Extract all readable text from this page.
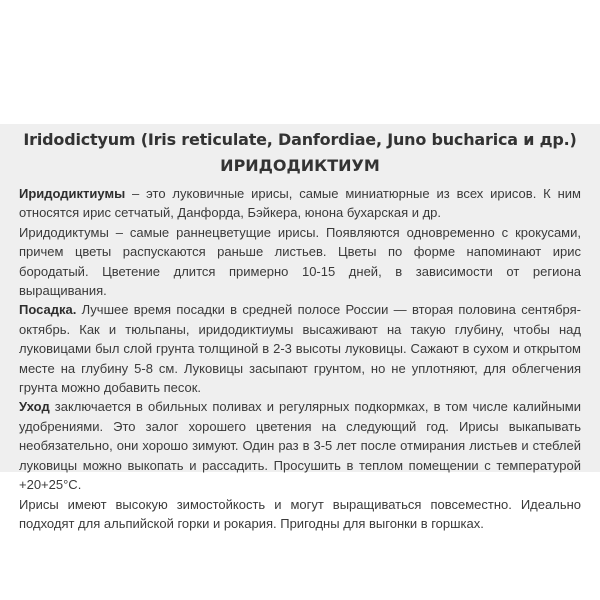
Iridodictyum (Iris reticulate, Danfordiae, Juno bucharica и др.)
ИРИДОДИКТИУМ

Иридодиктиумы – это луковичные ирисы, самые миниатюрные из всех ирисов. К ним относятся ирис сетчатый, Данфорда, Бэйкера, юнона бухарская и др.

Иридодиктумы – самые раннецветущие ирисы. Появляются одновременно с крокусами, причем цветы распускаются раньше листьев. Цветы по форме напоминают ирис бородатый. Цветение длится примерно 10-15 дней, в зависимости от региона выращивания.

Посадка. Лучшее время посадки в средней полосе России — вторая половина сентября-октябрь. Как и тюльпаны, иридодиктиумы высаживают на такую глубину, чтобы над луковицами был слой грунта толщиной в 2-3 высоты луковицы. Сажают в сухом и открытом месте на глубину 5-8 см. Луковицы засыпают грунтом, но не уплотняют, для облегчения грунта можно добавить песок.

Уход заключается в обильных поливах и регулярных подкормках, в том числе калийными удобрениями. Это залог хорошего цветения на следующий год. Ирисы выкапывать необязательно, они хорошо зимуют. Один раз в 3-5 лет после отмирания листьев и стеблей луковицы можно выкопать и рассадить. Просушить в теплом помещении с температурой +20+25°С.

Ирисы имеют высокую зимостойкость и могут выращиваться повсеместно. Идеально подходят для альпийской горки и рокария. Пригодны для выгонки в горшках.
